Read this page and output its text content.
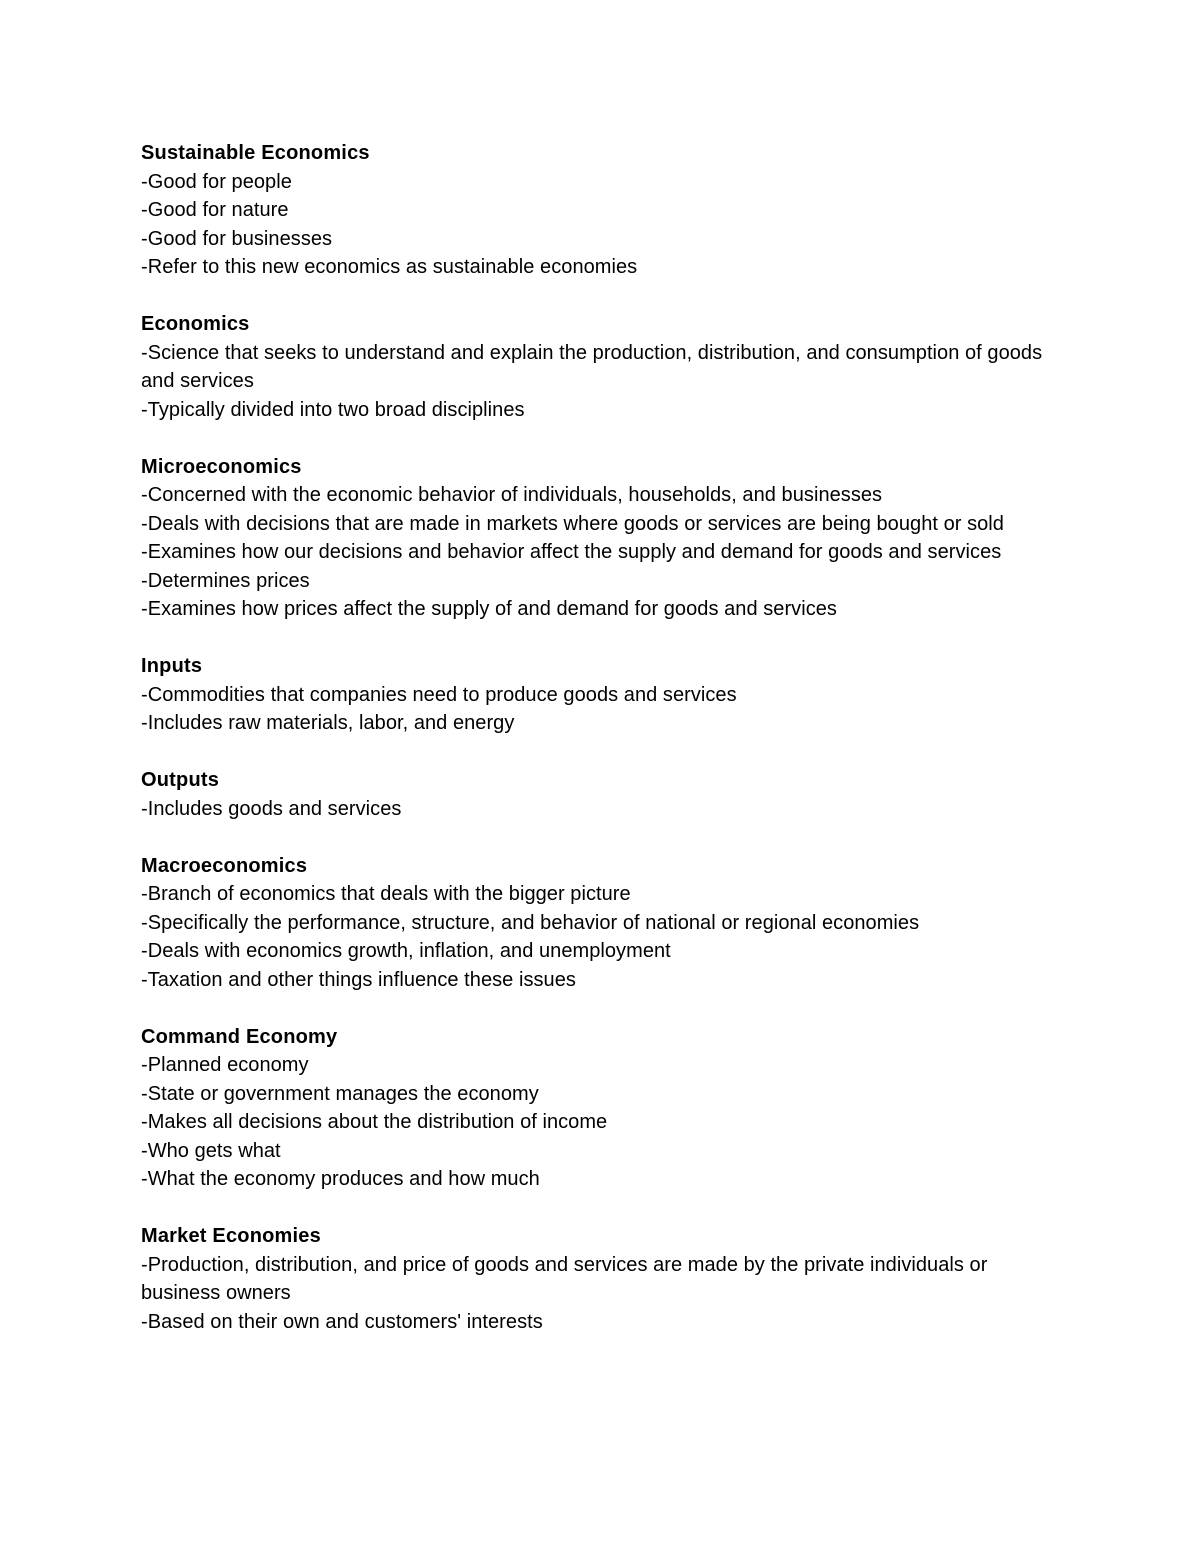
Sustainable Economics

-Good for people

-Good for nature

-Good for businesses

-Refer to this new economics as sustainable economies

Economics

-Science that seeks to understand and explain the production, distribution, and consumption of goods and services

-Typically divided into two broad disciplines

Microeconomics

-Concerned with the economic behavior of individuals, households, and businesses

-Deals with decisions that are made in markets where goods or services are being bought or sold

-Examines how our decisions and behavior affect the supply and demand for goods and services

-Determines prices

-Examines how prices affect the supply of and demand for goods and services

Inputs

-Commodities that companies need to produce goods and services

-Includes raw materials, labor, and energy

Outputs

-Includes goods and services

Macroeconomics

-Branch of economics that deals with the bigger picture

-Specifically the performance, structure, and behavior of national or regional economies

-Deals with economics growth, inflation, and unemployment

-Taxation and other things influence these issues

Command Economy

-Planned economy

-State or government manages the economy

-Makes all decisions about the distribution of income

-Who gets what

-What the economy produces and how much

Market Economies

-Production, distribution, and price of goods and services are made by the private individuals or business owners

-Based on their own and customers' interests
